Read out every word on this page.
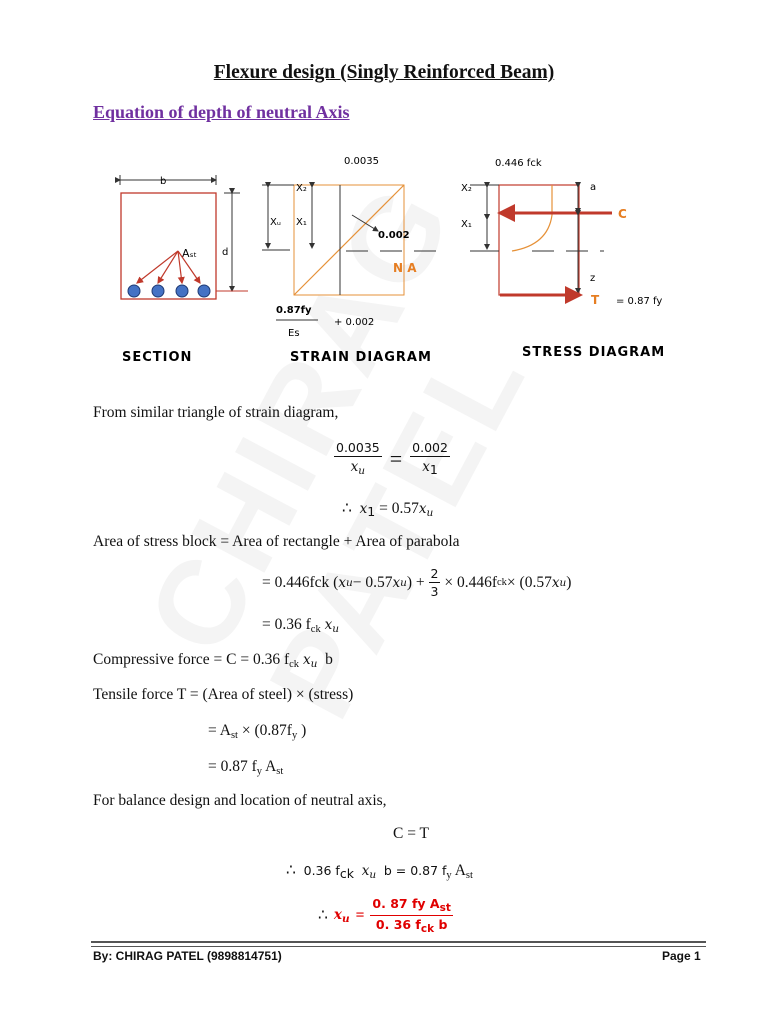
Flexure design (Singly Reinforced Beam)
Equation of depth of neutral Axis
b
d
Aₛₜ
SECTION
0.0035
Xᵤ
X₂
X₁
0.002
N A
0.87fy
Es
+ 0.002
STRAIN DIAGRAM
0.446 fck
X₂
X₁
a
C
z
T = 0.87 fy
STRESS DIAGRAM
From similar triangle of strain diagram,
$\frac{0.0035}{x_u} = \frac{0.002}{x_1}$
∴ $x_1 = 0.57x_u$
Area of stress block = Area of rectangle + Area of parabola
= 0.446fck ( x u − 0.57 x u ) +
$\frac{2}{3}$
× 0.446f ck × (0.57 x u )
= 0.36 $f_{ck}$ $x_u$
Compressive force = C = 0.36 $f_{ck}$ $x_u$ b
Tensile force T = (Area of steel) × (stress)
= $A_{st} \times (0.87f_y$ )
= 0.87 $f_y$ $A_{st}$
For balance design and location of neutral axis,
C = T
∴ 0.36 $f_{ck}$ $x_u$ b = 0.87 $f_y$ $A_{st}$
∴ $x_u = \frac{0. 87 fy A_{st}}{0. 36 f_{ck} b}$
By: CHIRAG PATEL (9898814751)	Page 1
